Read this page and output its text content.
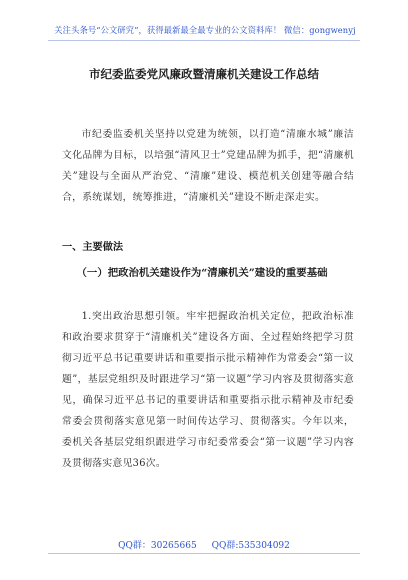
关注头条号“公文研究”，获得最新最全最专业的公文资料库！ 微信：gongwenyj
市纪委监委党风廉政暨清廉机关建设工作总结

市纪委监委机关坚持以党建为统领，以打造“清廉水城”廉洁文化品牌为目标，以培强“清风卫士”党建品牌为抓手，把“清廉机关”建设与全面从严治党、“清廉”建设、模范机关创建等融合结合，系统谋划，统筹推进，“清廉机关”建设不断走深走实。

一、主要做法

（一）把政治机关建设作为“清廉机关”建设的重要基础

1.突出政治思想引领。牢牢把握政治机关定位，把政治标准和政治要求贯穿于“清廉机关”建设各方面、全过程始终把学习贯彻习近平总书记重要讲话和重要指示批示精神作为常委会“第一议题”，基层党组织及时跟进学习“第一议题”学习内容及贯彻落实意见，确保习近平总书记的重要讲话和重要指示批示精神及市纪委常委会贯彻落实意见第一时间传达学习、贯彻落实。今年以来，委机关各基层党组织跟进学习市纪委常委会“第一议题”学习内容及贯彻落实意见36次。

QQ群：30265665 QQ群:535304092
